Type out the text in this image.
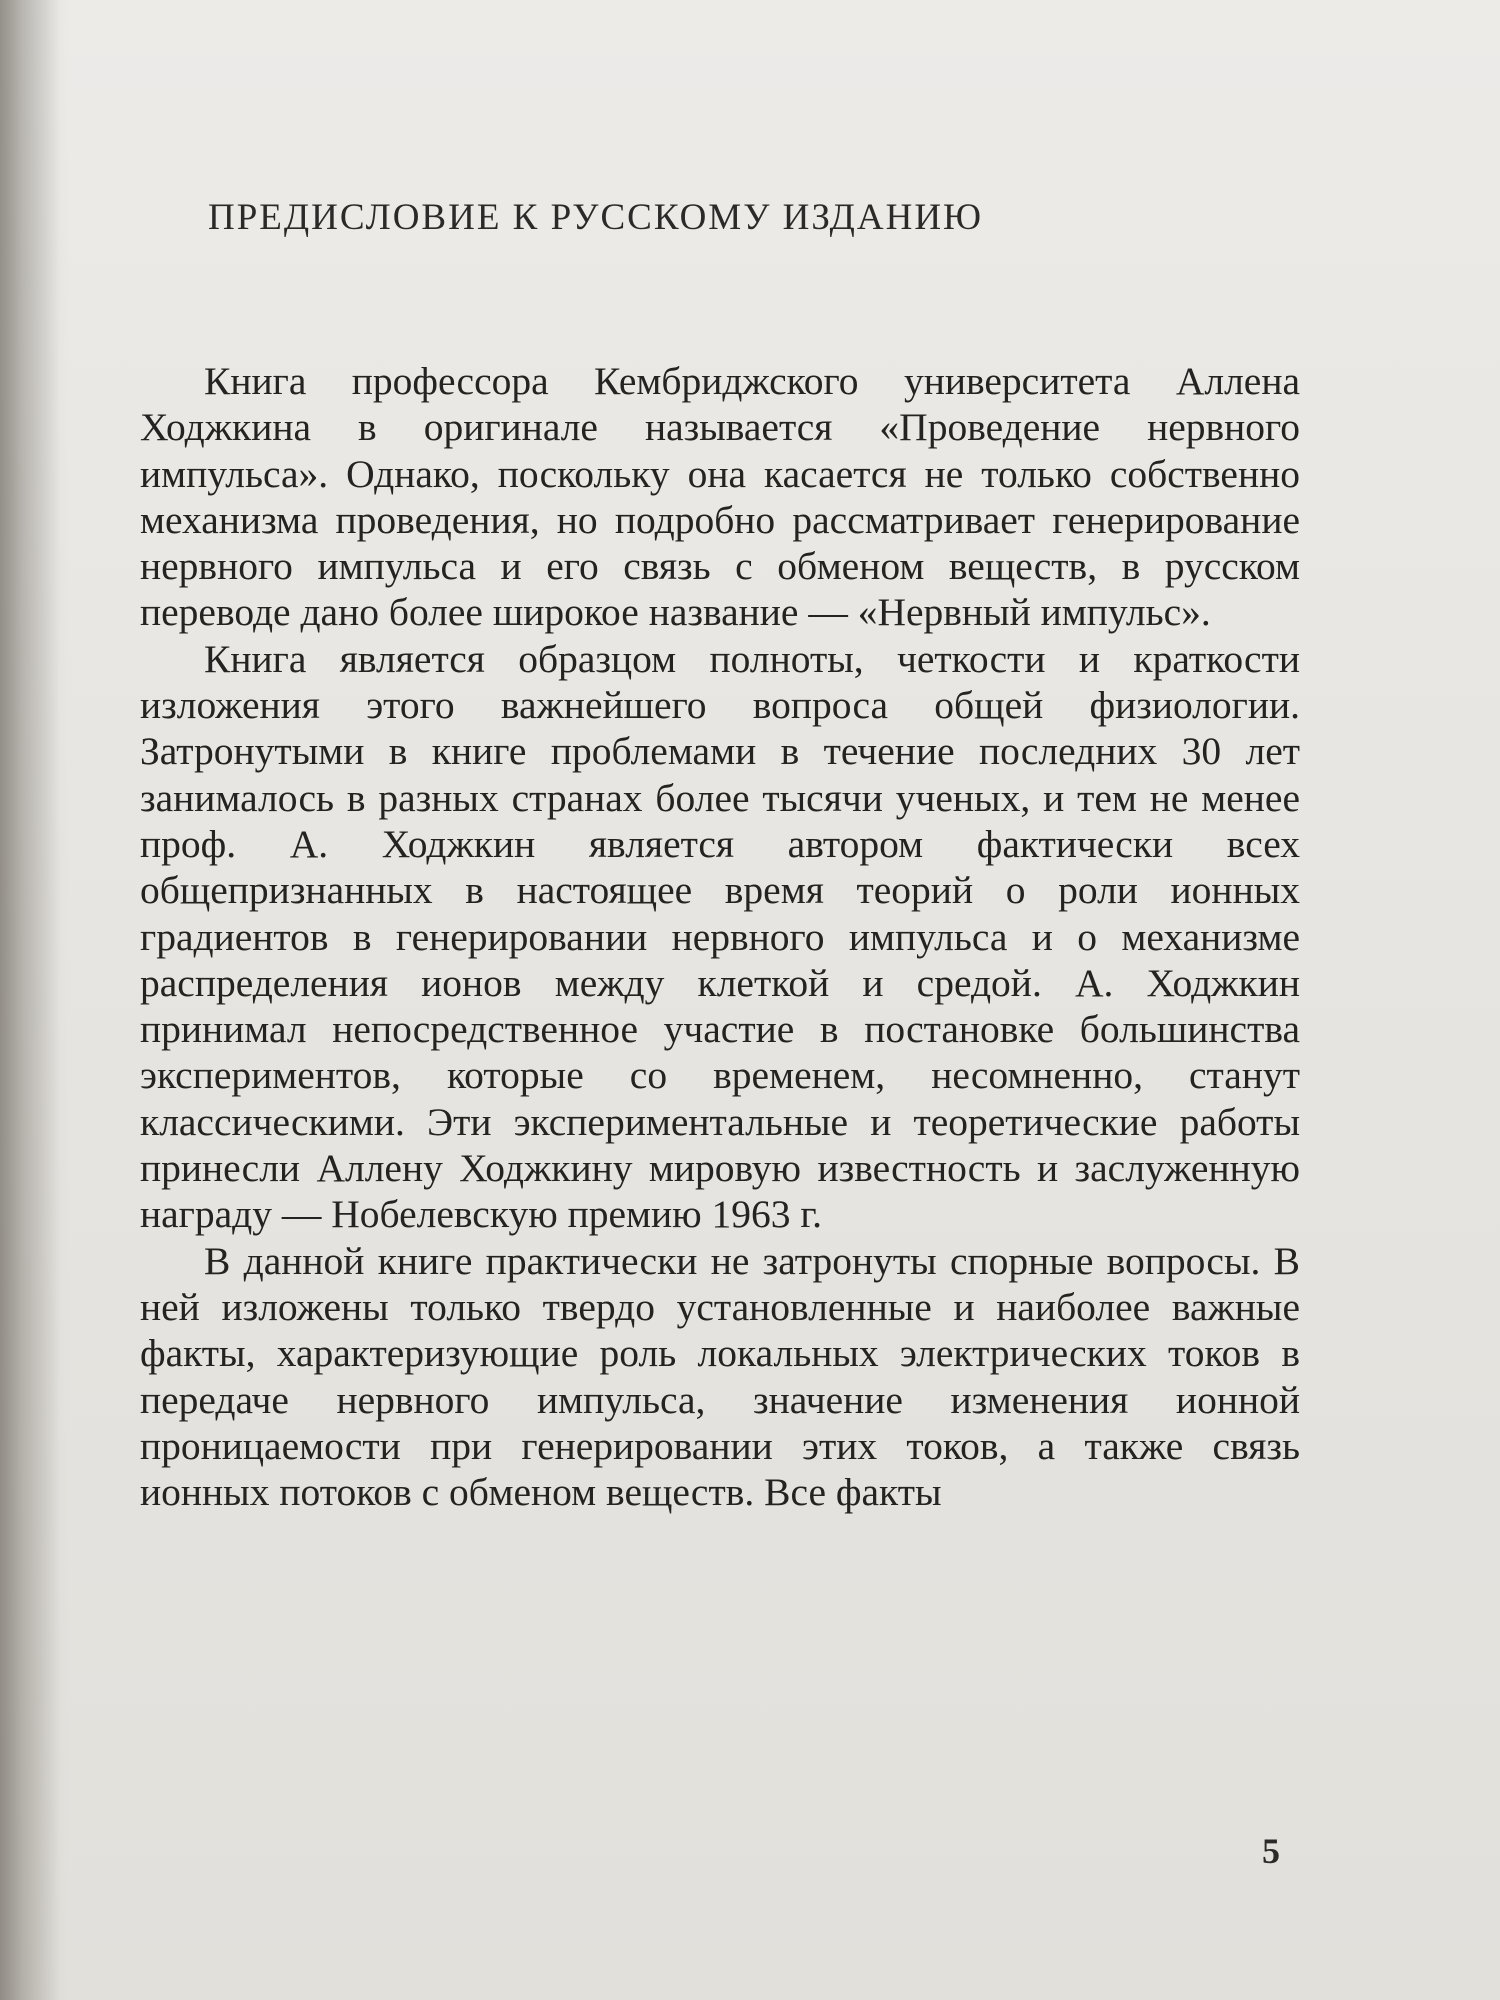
ПРЕДИСЛОВИЕ К РУССКОМУ ИЗДАНИЮ

Книга профессора Кембриджского университета Аллена Ходжкина в оригинале называется «Проведение нервного импульса». Однако, поскольку она касается не только собственно механизма проведения, но подробно рассматривает генерирование нервного импульса и его связь с обменом веществ, в русском переводе дано более широкое название — «Нервный импульс».

Книга является образцом полноты, четкости и краткости изложения этого важнейшего вопроса общей физиологии. Затронутыми в книге проблемами в течение последних 30 лет занималось в разных странах более тысячи ученых, и тем не менее проф. А. Ходжкин является автором фактически всех общепризнанных в настоящее время теорий о роли ионных градиентов в генерировании нервного импульса и о механизме распределения ионов между клеткой и средой. А. Ходжкин принимал непосредственное участие в постановке большинства экспериментов, которые со временем, несомненно, станут классическими. Эти экспериментальные и теоретические работы принесли Аллену Ходжкину мировую известность и заслуженную награду — Нобелевскую премию 1963 г.

В данной книге практически не затронуты спорные вопросы. В ней изложены только твердо установленные и наиболее важные факты, характеризующие роль локальных электрических токов в передаче нервного импульса, значение изменения ионной проницаемости при генерировании этих токов, а также связь ионных потоков с обменом веществ. Все факты

5
